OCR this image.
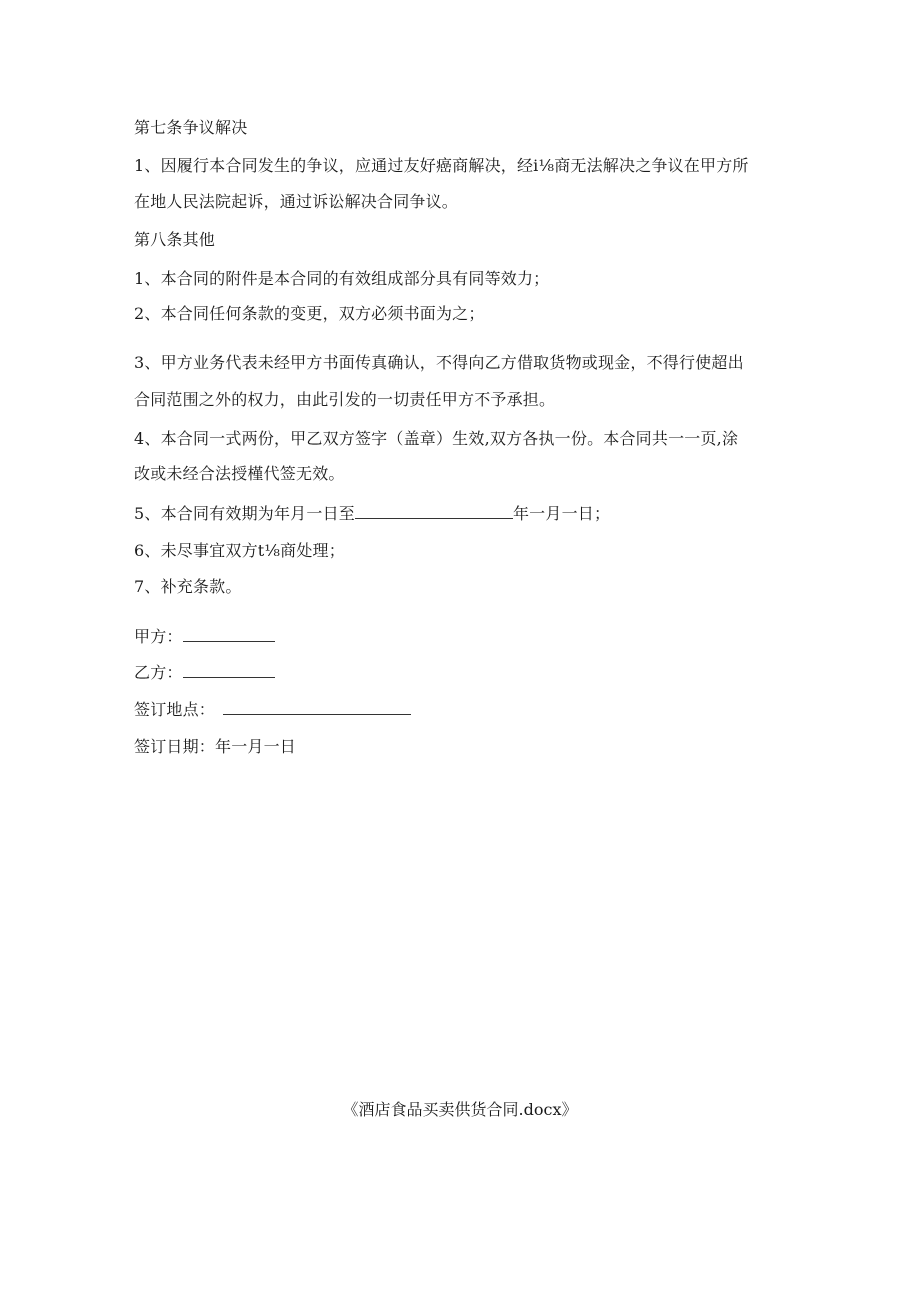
第七条争议解决
1、因履行本合同发生的争议，应通过友好癌商解决，经i⅛商无法解决之争议在甲方所
在地人民法院起诉，通过诉讼解决合同争议。
第八条其他
1、本合同的附件是本合同的有效组成部分具有同等效力；
2、本合同任何条款的变更，双方必须书面为之；
3、甲方业务代表未经甲方书面传真确认，不得向乙方借取货物或现金，不得行使超出
合同范围之外的权力，由此引发的一切责任甲方不予承担。
4、本合同一式两份，甲乙双方签字（盖章）生效,双方各执一份。本合同共一一页,涂
改或未经合法授槿代签无效。
5、本合同有效期为年月一日至	年一月一日；
6、未尽事宜双方t⅛商处理；
7、补充条款。
甲方：
乙方：
签订地点：
签订日期：年一月一日
《酒店食品买卖供货合同.docx》
